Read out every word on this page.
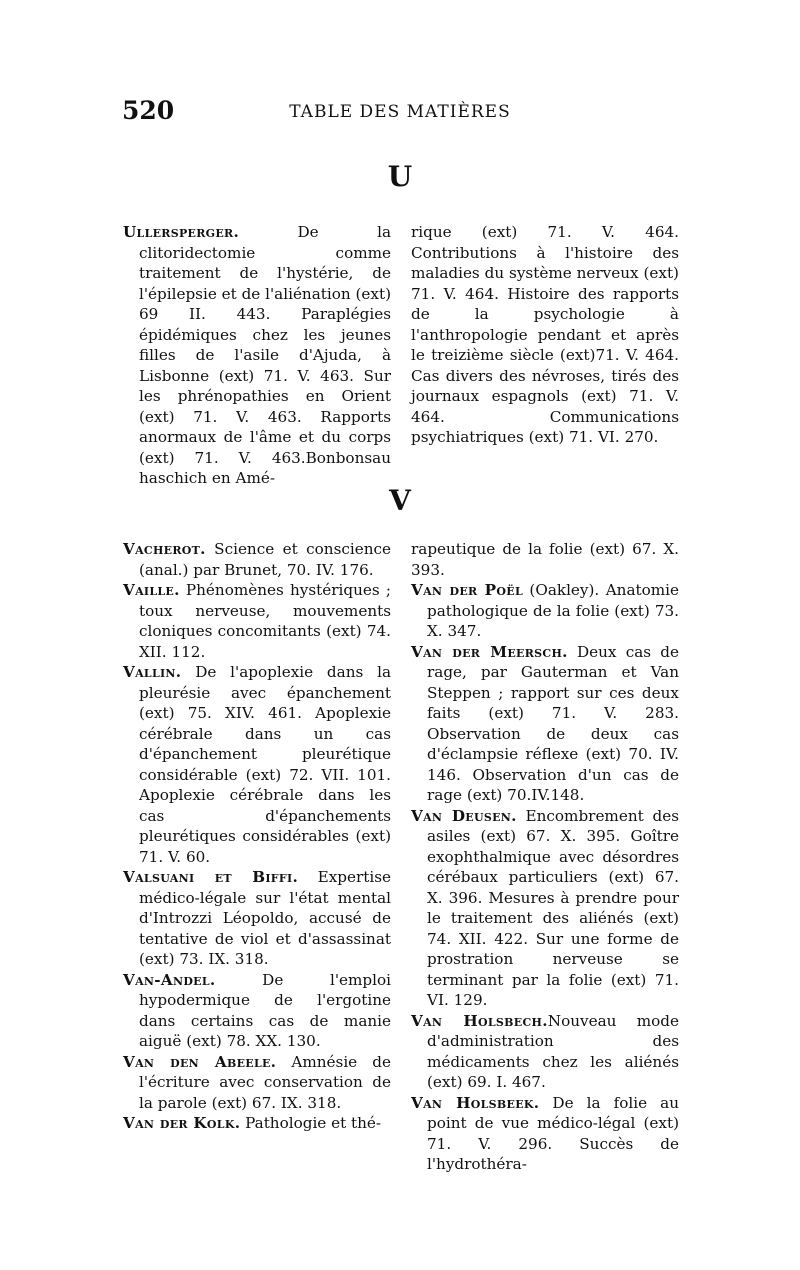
520	TABLE DES MATIÈRES
U

Ullersperger. De la clitoridectomie comme traitement de l'hystérie, de l'épilepsie et de l'aliénation (ext) 69 II. 443. Paraplégies épidémiques chez les jeunes filles de l'asile d'Ajuda, à Lisbonne (ext) 71. V. 463. Sur les phrénopathies en Orient (ext) 71. V. 463. Rapports anormaux de l'âme et du corps (ext) 71. V. 463.Bonbonsau haschich en Amé-

rique (ext) 71. V. 464. Contributions à l'histoire des maladies du système nerveux (ext) 71. V. 464. Histoire des rapports de la psychologie à l'anthropologie pendant et après le treizième siècle (ext)71. V. 464. Cas divers des névroses, tirés des journaux espagnols (ext) 71. V. 464. Communications psychiatriques (ext) 71. VI. 270.

V

Vacherot. Science et conscience (anal.) par Brunet, 70. IV. 176.

Vaille. Phénomènes hystériques ; toux nerveuse, mouvements cloniques concomitants (ext) 74. XII. 112.

Vallin. De l'apoplexie dans la pleurésie avec épanchement (ext) 75. XIV. 461. Apoplexie cérébrale dans un cas d'épanchement pleurétique considérable (ext) 72. VII. 101. Apoplexie cérébrale dans les cas d'épanchements pleurétiques considérables (ext) 71. V. 60.

Valsuani et Biffi. Expertise médico-légale sur l'état mental d'Introzzi Léopoldo, accusé de tentative de viol et d'assassinat (ext) 73. IX. 318.

Van-Andel. De l'emploi hypodermique de l'ergotine dans certains cas de manie aiguë (ext) 78. XX. 130.

Van den Abeele. Amnésie de l'écriture avec conservation de la parole (ext) 67. IX. 318.

Van der Kolk. Pathologie et thé-

rapeutique de la folie (ext) 67. X. 393.

Van der Poël (Oakley). Anatomie pathologique de la folie (ext) 73. X. 347.

Van der Meersch. Deux cas de rage, par Gauterman et Van Steppen ; rapport sur ces deux faits (ext) 71. V. 283. Observation de deux cas d'éclampsie réflexe (ext) 70. IV. 146. Observation d'un cas de rage (ext) 70.IV.148.

Van Deusen. Encombrement des asiles (ext) 67. X. 395. Goître exophthalmique avec désordres cérébaux particuliers (ext) 67. X. 396. Mesures à prendre pour le traitement des aliénés (ext) 74. XII. 422. Sur une forme de prostration nerveuse se terminant par la folie (ext) 71. VI. 129.

Van Holsbech.Nouveau mode d'administration des médicaments chez les aliénés (ext) 69. I. 467.

Van Holsbeek. De la folie au point de vue médico-légal (ext) 71. V. 296. Succès de l'hydrothéra-
